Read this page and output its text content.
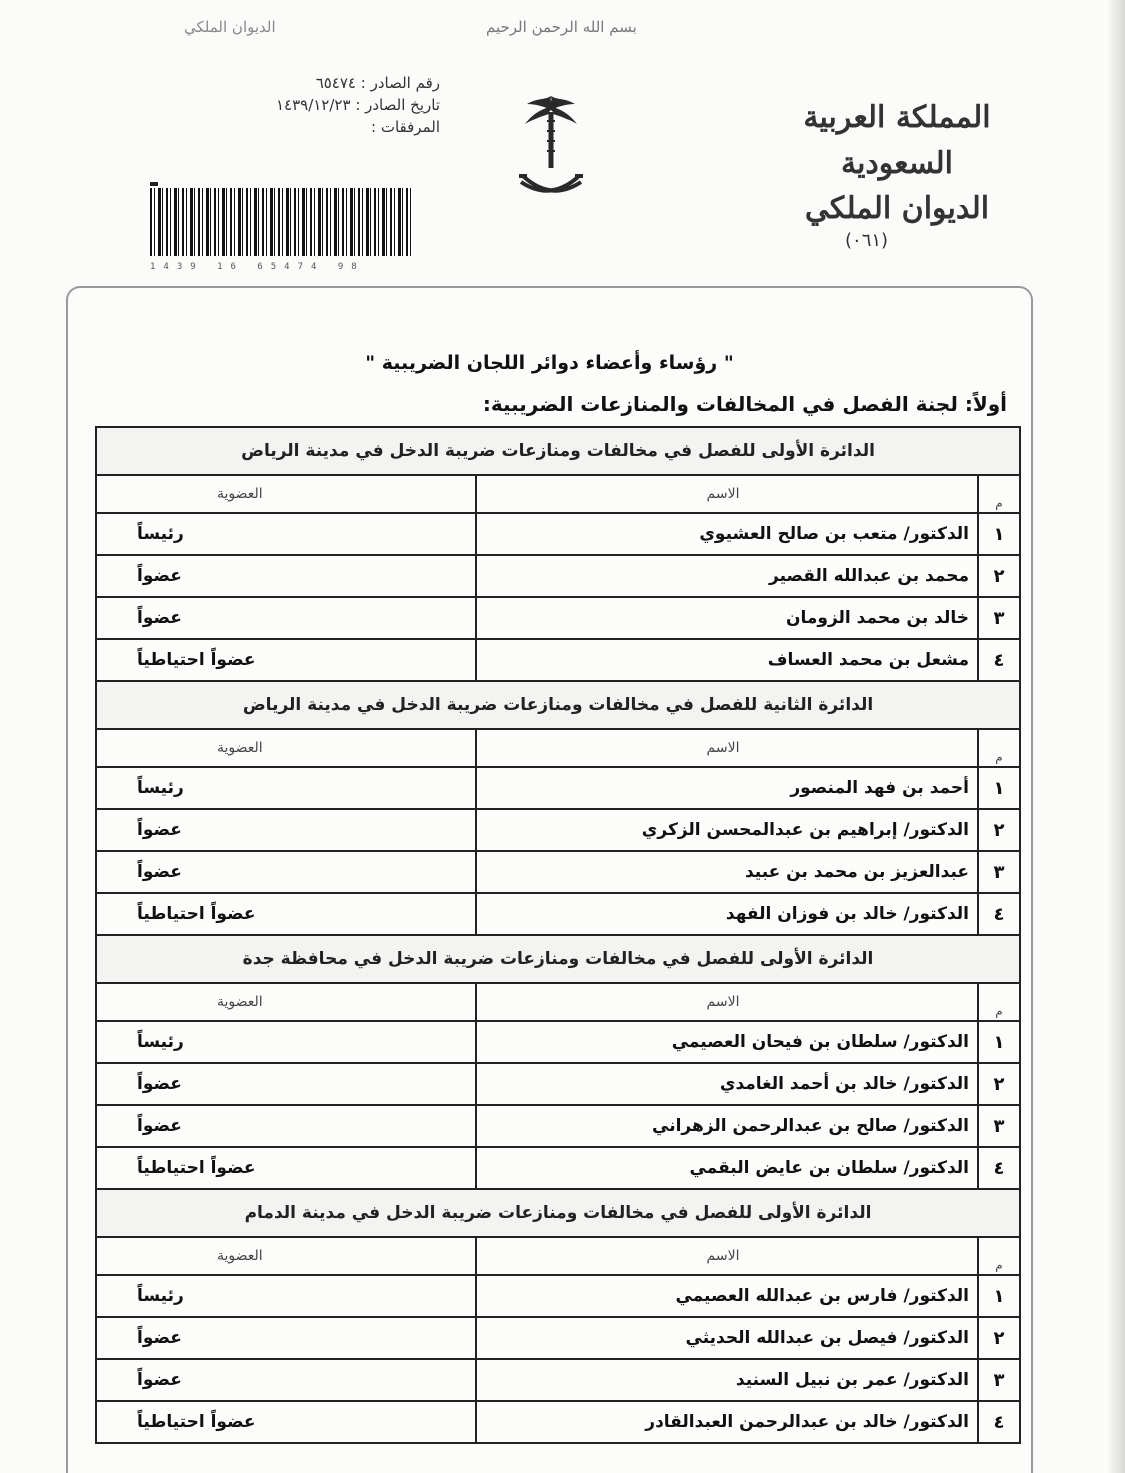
بسم الله الرحمن الرحيم
الديوان الملكي
رقم الصادر : ٦٥٤٧٤
تاريخ الصادر : ١٤٣٩/١٢/٢٣
المرفقات :
1439 16 65474 98
المملكة العربية السعودية
الديوان الملكي
(٠٦١)
" رؤساء وأعضاء دوائر اللجان الضريبية "
أولاً: لجنة الفصل في المخالفات والمنازعات الضريبية:
الدائرة الأولى للفصل في مخالفات ومنازعات ضريبة الدخل في مدينة الرياض
م
الاسم
العضوية
١
الدكتور/ متعب بن صالح العشيوي
رئيساً
٢
محمد بن عبدالله القصير
عضواً
٣
خالد بن محمد الزومان
عضواً
٤
مشعل بن محمد العساف
عضواً احتياطياً
الدائرة الثانية للفصل في مخالفات ومنازعات ضريبة الدخل في مدينة الرياض
م
الاسم
العضوية
١
أحمد بن فهد المنصور
رئيساً
٢
الدكتور/ إبراهيم بن عبدالمحسن الزكري
عضواً
٣
عبدالعزيز بن محمد بن عبيد
عضواً
٤
الدكتور/ خالد بن فوزان الفهد
عضواً احتياطياً
الدائرة الأولى للفصل في مخالفات ومنازعات ضريبة الدخل في محافظة جدة
م
الاسم
العضوية
١
الدكتور/ سلطان بن فيحان العصيمي
رئيساً
٢
الدكتور/ خالد بن أحمد الغامدي
عضواً
٣
الدكتور/ صالح بن عبدالرحمن الزهراني
عضواً
٤
الدكتور/ سلطان بن عايض البقمي
عضواً احتياطياً
الدائرة الأولى للفصل في مخالفات ومنازعات ضريبة الدخل في مدينة الدمام
م
الاسم
العضوية
١
الدكتور/ فارس بن عبدالله العصيمي
رئيساً
٢
الدكتور/ فيصل بن عبدالله الحديثي
عضواً
٣
الدكتور/ عمر بن نبيل السنيد
عضواً
٤
الدكتور/ خالد بن عبدالرحمن العبدالقادر
عضواً احتياطياً
